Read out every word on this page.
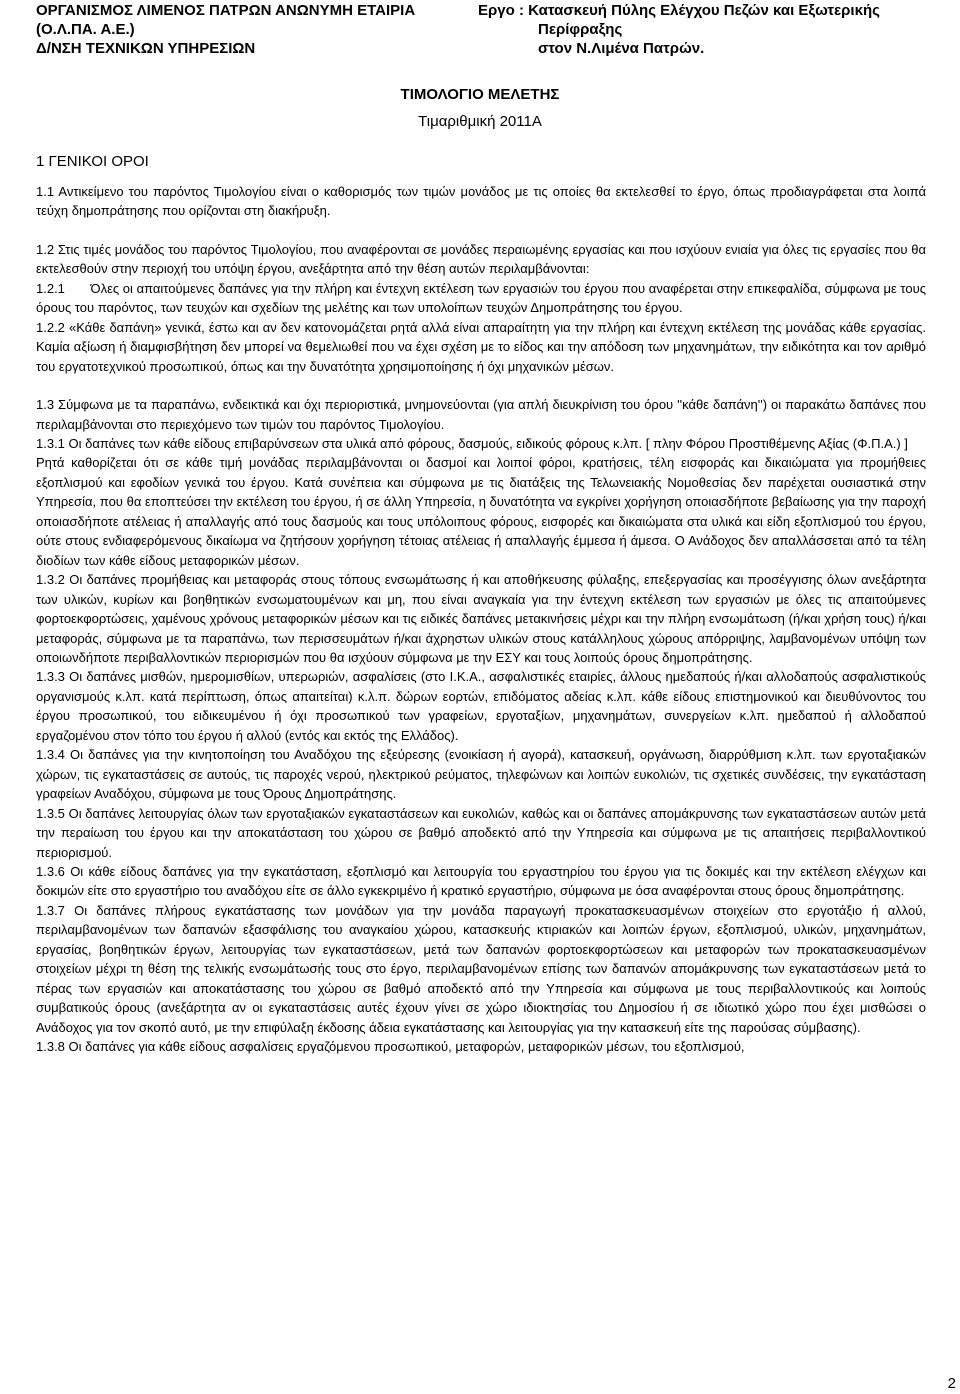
ΟΡΓΑΝΙΣΜΟΣ ΛΙΜΕΝΟΣ ΠΑΤΡΩΝ ΑΝΩΝΥΜΗ ΕΤΑΙΡΙΑ
(Ο.Λ.ΠΑ. Α.Ε.)
Δ/ΝΣΗ ΤΕΧΝΙΚΩΝ ΥΠΗΡΕΣΙΩΝ
Εργο : Κατασκευή Πύλης Ελέγχου Πεζών και Εξωτερικής
Περίφραξης
στον Ν.Λιμένα Πατρών.
ΤΙΜΟΛΟΓΙΟ ΜΕΛΕΤΗΣ
Τιμαριθμική 2011Α
1 ΓΕΝΙΚΟΙ ΟΡΟΙ

1.1 Αντικείμενο του παρόντος Τιμολογίου είναι ο καθορισμός των τιμών μονάδος με τις οποίες θα εκτελεσθεί το έργο, όπως προδιαγράφεται στα λοιπά τεύχη δημοπράτησης που ορίζονται στη διακήρυξη.

1.2 Στις τιμές μονάδος του παρόντος Τιμολογίου, που αναφέρονται σε μονάδες περαιωμένης εργασίας και που ισχύουν ενιαία για όλες τις εργασίες που θα εκτελεσθούν στην περιοχή του υπόψη έργου, ανεξάρτητα από την θέση αυτών περιλαμβάνονται:

1.2.1       Όλες οι απαιτούμενες δαπάνες για την πλήρη και έντεχνη εκτέλεση των εργασιών του έργου που αναφέρεται στην επικεφαλίδα, σύμφωνα με τους όρους του παρόντος, των τευχών και σχεδίων της μελέτης και των υπολοίπων τευχών Δημοπράτησης του έργου.

1.2.2 «Κάθε δαπάνη» γενικά, έστω και αν δεν κατονομάζεται ρητά αλλά είναι απαραίτητη για την πλήρη και έντεχνη εκτέλεση της μονάδας κάθε εργασίας. Καμία αξίωση ή διαμφισβήτηση δεν μπορεί να θεμελιωθεί που να έχει σχέση με το είδος και την απόδοση των μηχανημάτων, την ειδικότητα και τον αριθμό του εργατοτεχνικού προσωπικού, όπως και την δυνατότητα χρησιμοποίησης ή όχι μηχανικών μέσων.

1.3 Σύμφωνα με τα παραπάνω, ενδεικτικά και όχι περιοριστικά, μνημονεύονται (για απλή διευκρίνιση του όρου ''κάθε δαπάνη'') οι παρακάτω δαπάνες που περιλαμβάνονται στο περιεχόμενο των τιμών του παρόντος Τιμολογίου.

1.3.1 Οι δαπάνες των κάθε είδους επιβαρύνσεων στα υλικά από φόρους, δασμούς, ειδικούς φόρους κ.λπ. [ πλην Φόρου Προστιθέμενης Αξίας (Φ.Π.Α.) ]

Ρητά καθορίζεται ότι σε κάθε τιμή μονάδας περιλαμβάνονται οι δασμοί και λοιποί φόροι, κρατήσεις, τέλη εισφοράς και δικαιώματα για προμήθειες εξοπλισμού και εφοδίων γενικά του έργου. Κατά συνέπεια και σύμφωνα με τις διατάξεις της Τελωνειακής Νομοθεσίας δεν παρέχεται ουσιαστικά στην Υπηρεσία, που θα εποπτεύσει την εκτέλεση του έργου, ή σε άλλη Υπηρεσία, η δυνατότητα να εγκρίνει χορήγηση οποιασδήποτε βεβαίωσης για την παροχή οποιασδήποτε ατέλειας ή απαλλαγής από τους δασμούς και τους υπόλοιπους φόρους, εισφορές και δικαιώματα στα υλικά και είδη εξοπλισμού του έργου, ούτε στους ενδιαφερόμενους δικαίωμα να ζητήσουν χορήγηση τέτοιας ατέλειας ή απαλλαγής έμμεσα ή άμεσα. Ο Ανάδοχος δεν απαλλάσσεται από τα τέλη διοδίων των κάθε είδους μεταφορικών μέσων.

1.3.2 Οι δαπάνες προμήθειας και μεταφοράς στους τόπους ενσωμάτωσης ή και αποθήκευσης φύλαξης, επεξεργασίας και προσέγγισης όλων ανεξάρτητα των υλικών, κυρίων και βοηθητικών ενσωματουμένων και μη, που είναι αναγκαία για την έντεχνη εκτέλεση των εργασιών με όλες τις απαιτούμενες φορτοεκφορτώσεις, χαμένους χρόνους μεταφορικών μέσων και τις ειδικές δαπάνες μετακινήσεις μέχρι και την πλήρη ενσωμάτωση (ή/και χρήση τους) ή/και μεταφοράς, σύμφωνα με τα παραπάνω, των περισσευμάτων ή/και άχρηστων υλικών στους κατάλληλους χώρους απόρριψης, λαμβανομένων υπόψη των οποιωνδήποτε περιβαλλοντικών περιορισμών που θα ισχύουν σύμφωνα με την ΕΣΥ και τους λοιπούς όρους δημοπράτησης.

1.3.3 Οι δαπάνες μισθών, ημερομισθίων, υπερωριών, ασφαλίσεις (στο Ι.Κ.Α., ασφαλιστικές εταιρίες, άλλους ημεδαπούς ή/και αλλοδαπούς ασφαλιστικούς οργανισμούς κ.λπ. κατά περίπτωση, όπως απαιτείται) κ.λ.π. δώρων εορτών, επιδόματος αδείας κ.λπ. κάθε είδους επιστημονικού και διευθύνοντος του έργου προσωπικού, του ειδικευμένου ή όχι προσωπικού των γραφείων, εργοταξίων, μηχανημάτων, συνεργείων κ.λπ. ημεδαπού ή αλλοδαπού εργαζομένου στον τόπο του έργου ή αλλού (εντός και εκτός της Ελλάδος).

1.3.4 Οι δαπάνες για την κινητοποίηση του Αναδόχου της εξεύρεσης (ενοικίαση ή αγορά), κατασκευή, οργάνωση, διαρρύθμιση κ.λπ. των εργοταξιακών χώρων, τις εγκαταστάσεις σε αυτούς, τις παροχές νερού, ηλεκτρικού ρεύματος, τηλεφώνων και λοιπών ευκολιών, τις σχετικές συνδέσεις, την εγκατάσταση γραφείων Αναδόχου, σύμφωνα με τους Όρους Δημοπράτησης.

1.3.5 Οι δαπάνες λειτουργίας όλων των εργοταξιακών εγκαταστάσεων και ευκολιών, καθώς και οι δαπάνες απομάκρυνσης των εγκαταστάσεων αυτών μετά την περαίωση του έργου και την αποκατάσταση του χώρου σε βαθμό αποδεκτό από την Υπηρεσία και σύμφωνα με τις απαιτήσεις περιβαλλοντικού περιορισμού.

1.3.6 Οι κάθε είδους δαπάνες για την εγκατάσταση, εξοπλισμό και λειτουργία του εργαστηρίου του έργου για τις δοκιμές και την εκτέλεση ελέγχων και δοκιμών είτε στο εργαστήριο του αναδόχου είτε σε άλλο εγκεκριμένο ή κρατικό εργαστήριο, σύμφωνα με όσα αναφέρονται στους όρους δημοπράτησης.

1.3.7 Οι δαπάνες πλήρους εγκατάστασης των μονάδων για την μονάδα παραγωγή προκατασκευασμένων στοιχείων στο εργοτάξιο ή αλλού, περιλαμβανομένων των δαπανών εξασφάλισης του αναγκαίου χώρου, κατασκευής κτιριακών και λοιπών έργων, εξοπλισμού, υλικών, μηχανημάτων, εργασίας, βοηθητικών έργων, λειτουργίας των εγκαταστάσεων, μετά των δαπανών φορτοεκφορτώσεων και μεταφορών των προκατασκευασμένων στοιχείων μέχρι τη θέση της τελικής ενσωμάτωσής τους στο έργο, περιλαμβανομένων επίσης των δαπανών απομάκρυνσης των εγκαταστάσεων μετά το πέρας των εργασιών και αποκατάστασης του χώρου σε βαθμό αποδεκτό από την Υπηρεσία και σύμφωνα με τους περιβαλλοντικούς και λοιπούς συμβατικούς όρους (ανεξάρτητα αν οι εγκαταστάσεις αυτές έχουν γίνει σε χώρο ιδιοκτησίας του Δημοσίου ή σε ιδιωτικό χώρο που έχει μισθώσει ο Ανάδοχος για τον σκοπό αυτό, με την επιφύλαξη έκδοσης άδεια εγκατάστασης και λειτουργίας για την κατασκευή είτε της παρούσας σύμβασης).

1.3.8 Οι δαπάνες για κάθε είδους ασφαλίσεις εργαζόμενου προσωπικού, μεταφορών, μεταφορικών μέσων, του εξοπλισμού,

2
